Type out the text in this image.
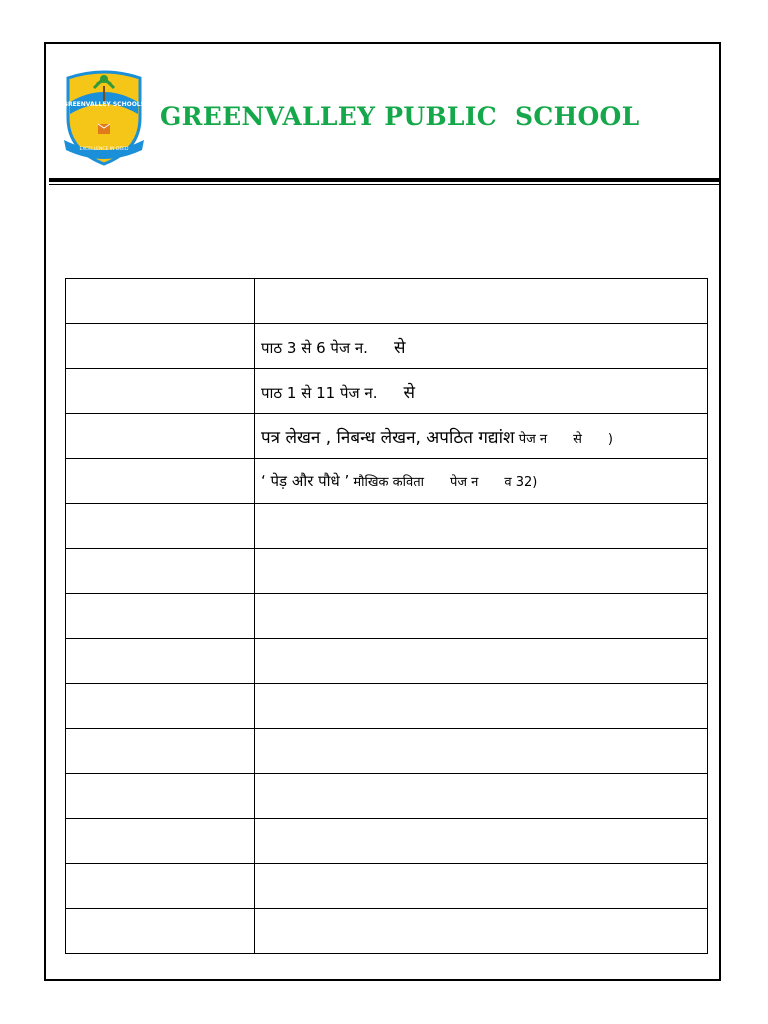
GREENVALLEY SCHOOLS
EXCELLENCE IN DEED
GREENVALLEY PUBLIC  SCHOOL

	पाठ 3 से 6 पेज न. से
	पाठ 1 से 11 पेज न. से
	पत्र लेखन , निबन्ध लेखन, अपठित गद्यांश पेज न से )
	‘ पेड़ और पौधे ’ मौखिक कविता पेज न व 32)
